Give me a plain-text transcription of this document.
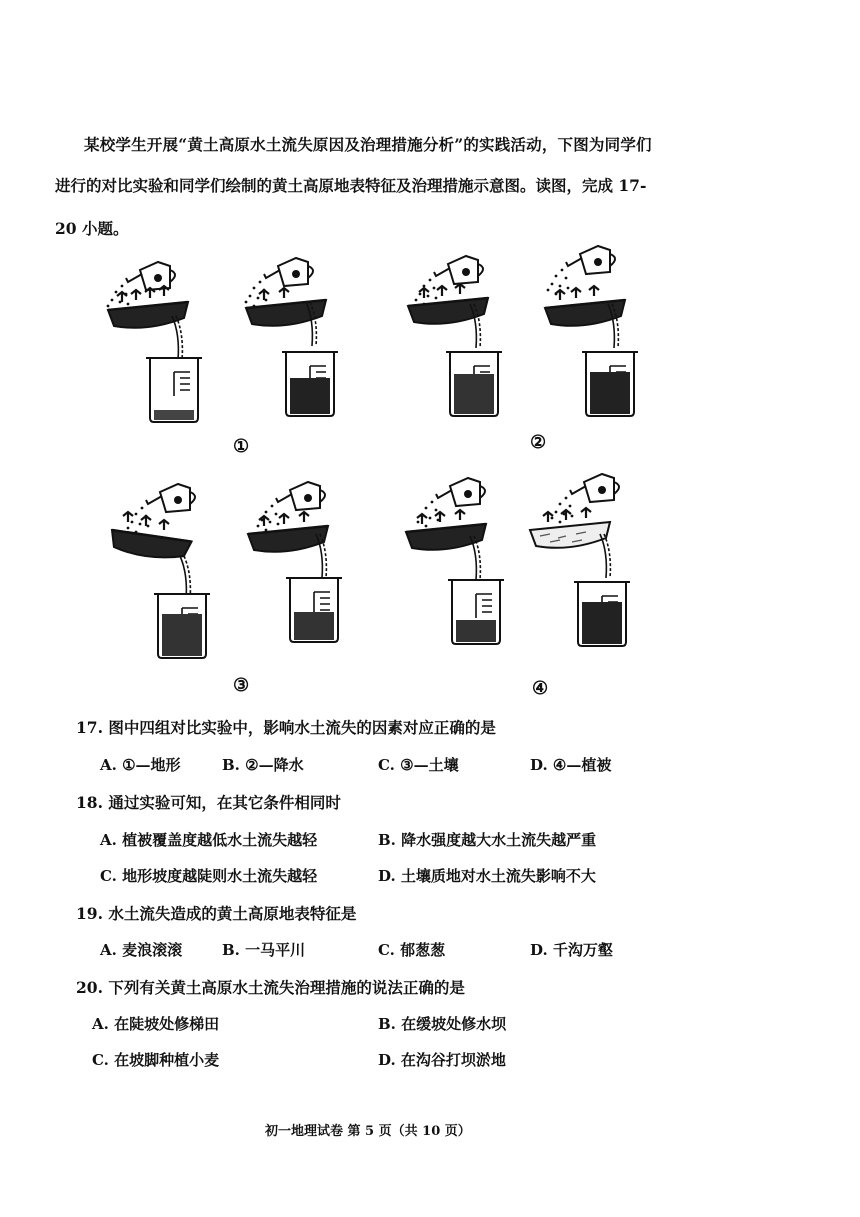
某校学生开展“黄土高原水土流失原因及治理措施分析”的实践活动，下图为同学们
进行的对比实验和同学们绘制的黄土高原地表特征及治理措施示意图。读图，完成 17-
20 小题。
①	②
③	④
17. 图中四组对比实验中，影响水土流失的因素对应正确的是
A. ①—地形	B. ②—降水	C. ③—土壤	D. ④—植被
18. 通过实验可知，在其它条件相同时
A. 植被覆盖度越低水土流失越轻	B. 降水强度越大水土流失越严重
C. 地形坡度越陡则水土流失越轻	D. 土壤质地对水土流失影响不大
19. 水土流失造成的黄土高原地表特征是
A. 麦浪滚滚	B. 一马平川	C. 郁葱葱	D. 千沟万壑
20. 下列有关黄土高原水土流失治理措施的说法正确的是
A. 在陡坡处修梯田	B. 在缓坡处修水坝
C. 在坡脚种植小麦	D. 在沟谷打坝淤地
初一地理试卷 第 5 页（共 10 页）
